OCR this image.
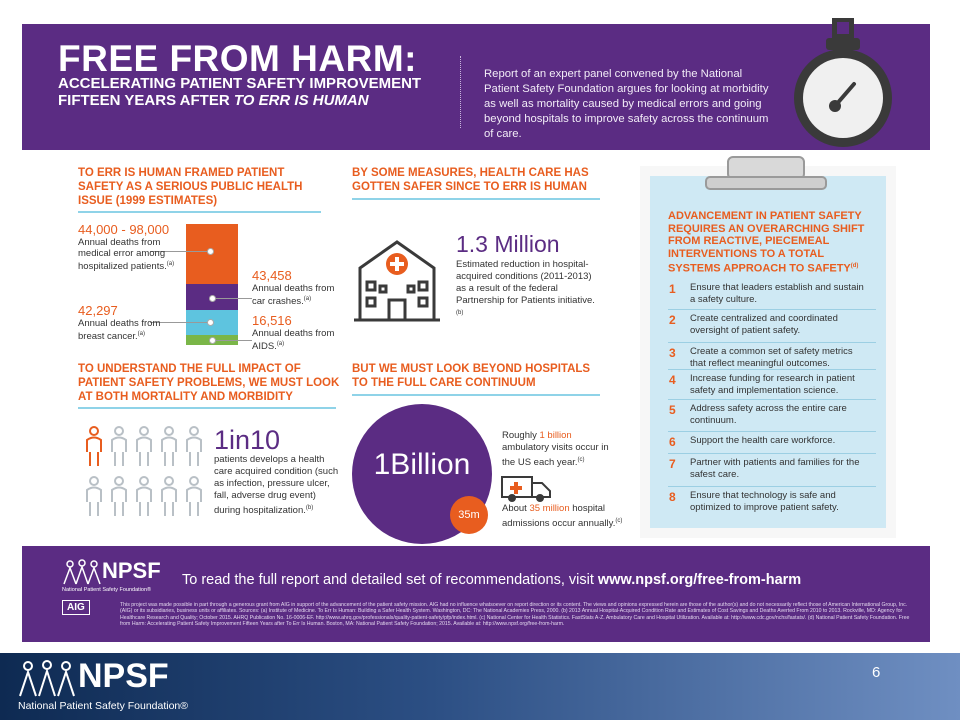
FREE FROM HARM:
ACCELERATING PATIENT SAFETY IMPROVEMENT
FIFTEEN YEARS AFTER TO ERR IS HUMAN
Report of an expert panel convened by the National Patient Safety Foundation argues for looking at morbidity as well as mortality caused by medical errors and going beyond hospitals to improve safety across the continuum of care.
TO ERR IS HUMAN FRAMED PATIENT SAFETY AS A SERIOUS PUBLIC HEALTH ISSUE (1999 ESTIMATES)
44,000 - 98,000
Annual deaths from medical error among hospitalized patients.$^{(a)}$
43,458
Annual deaths from car crashes.$^{(a)}$
42,297
Annual deaths from breast cancer.$^{(a)}$
16,516
Annual deaths from AIDS.$^{(a)}$
BY SOME MEASURES, HEALTH CARE HAS GOTTEN SAFER SINCE TO ERR IS HUMAN
1.3 Million
Estimated reduction in hospital-acquired conditions (2011-2013) as a result of the federal Partnership for Patients initiative.$^{(b)}$
TO UNDERSTAND THE FULL IMPACT OF PATIENT SAFETY PROBLEMS, WE MUST LOOK AT BOTH MORTALITY AND MORBIDITY
1in10
patients develops a health care acquired condition (such as infection, pressure ulcer, fall, adverse drug event) during hospitalization.$^{(b)}$
BUT WE MUST LOOK BEYOND HOSPITALS TO THE FULL CARE CONTINUUM
1Billion
35m
Roughly 1 billion ambulatory visits occur in the US each year.$^{(c)}$
About 35 million hospital admissions occur annually.$^{(c)}$
ADVANCEMENT IN PATIENT SAFETY REQUIRES AN OVERARCHING SHIFT FROM REACTIVE, PIECEMEAL INTERVENTIONS TO A TOTAL SYSTEMS APPROACH TO SAFETY$^{(d)}$
1 Ensure that leaders establish and sustain a safety culture.
2 Create centralized and coordinated oversight of patient safety.
3 Create a common set of safety metrics that reflect meaningful outcomes.
4 Increase funding for research in patient safety and implementation science.
5 Address safety across the entire care continuum.
6 Support the health care workforce.
7 Partner with patients and families for the safest care.
8 Ensure that technology is safe and optimized to improve patient safety.
NPSF
National Patient Safety Foundation®
AIG
To read the full report and detailed set of recommendations, visit www.npsf.org/free-from-harm
This project was made possible in part through a generous grant from AIG in support of the advancement of the patient safety mission. AIG had no influence whatsoever on report direction or its content. The views and opinions expressed herein are those of the author(s) and do not necessarily reflect those of American International Group, Inc. (AIG) or its subsidiaries, business units or affiliates. Sources: (a) Institute of Medicine. To Err Is Human: Building a Safer Health System. Washington, DC: The National Academies Press, 2000. (b) 2013 Annual Hospital-Acquired Condition Rate and Estimates of Cost Savings and Deaths Averted From 2010 to 2013. Rockville, MD: Agency for Healthcare Research and Quality; October 2015. AHRQ Publication No. 16-0006-EF. http://www.ahrq.gov/professionals/quality-patient-safety/pfp/index.html. (c) National Center for Health Statistics. FastStats A-Z. Ambulatory Care and Hospital Utilization. Available at: http://www.cdc.gov/nchs/fastats/. (d) National Patient Safety Foundation. Free from Harm: Accelerating Patient Safety Improvement Fifteen Years after To Err Is Human. Boston, MA: National Patient Safety Foundation; 2015. Available at: http://www.npsf.org/free-from-harm.
NPSF
National Patient Safety Foundation®
6
